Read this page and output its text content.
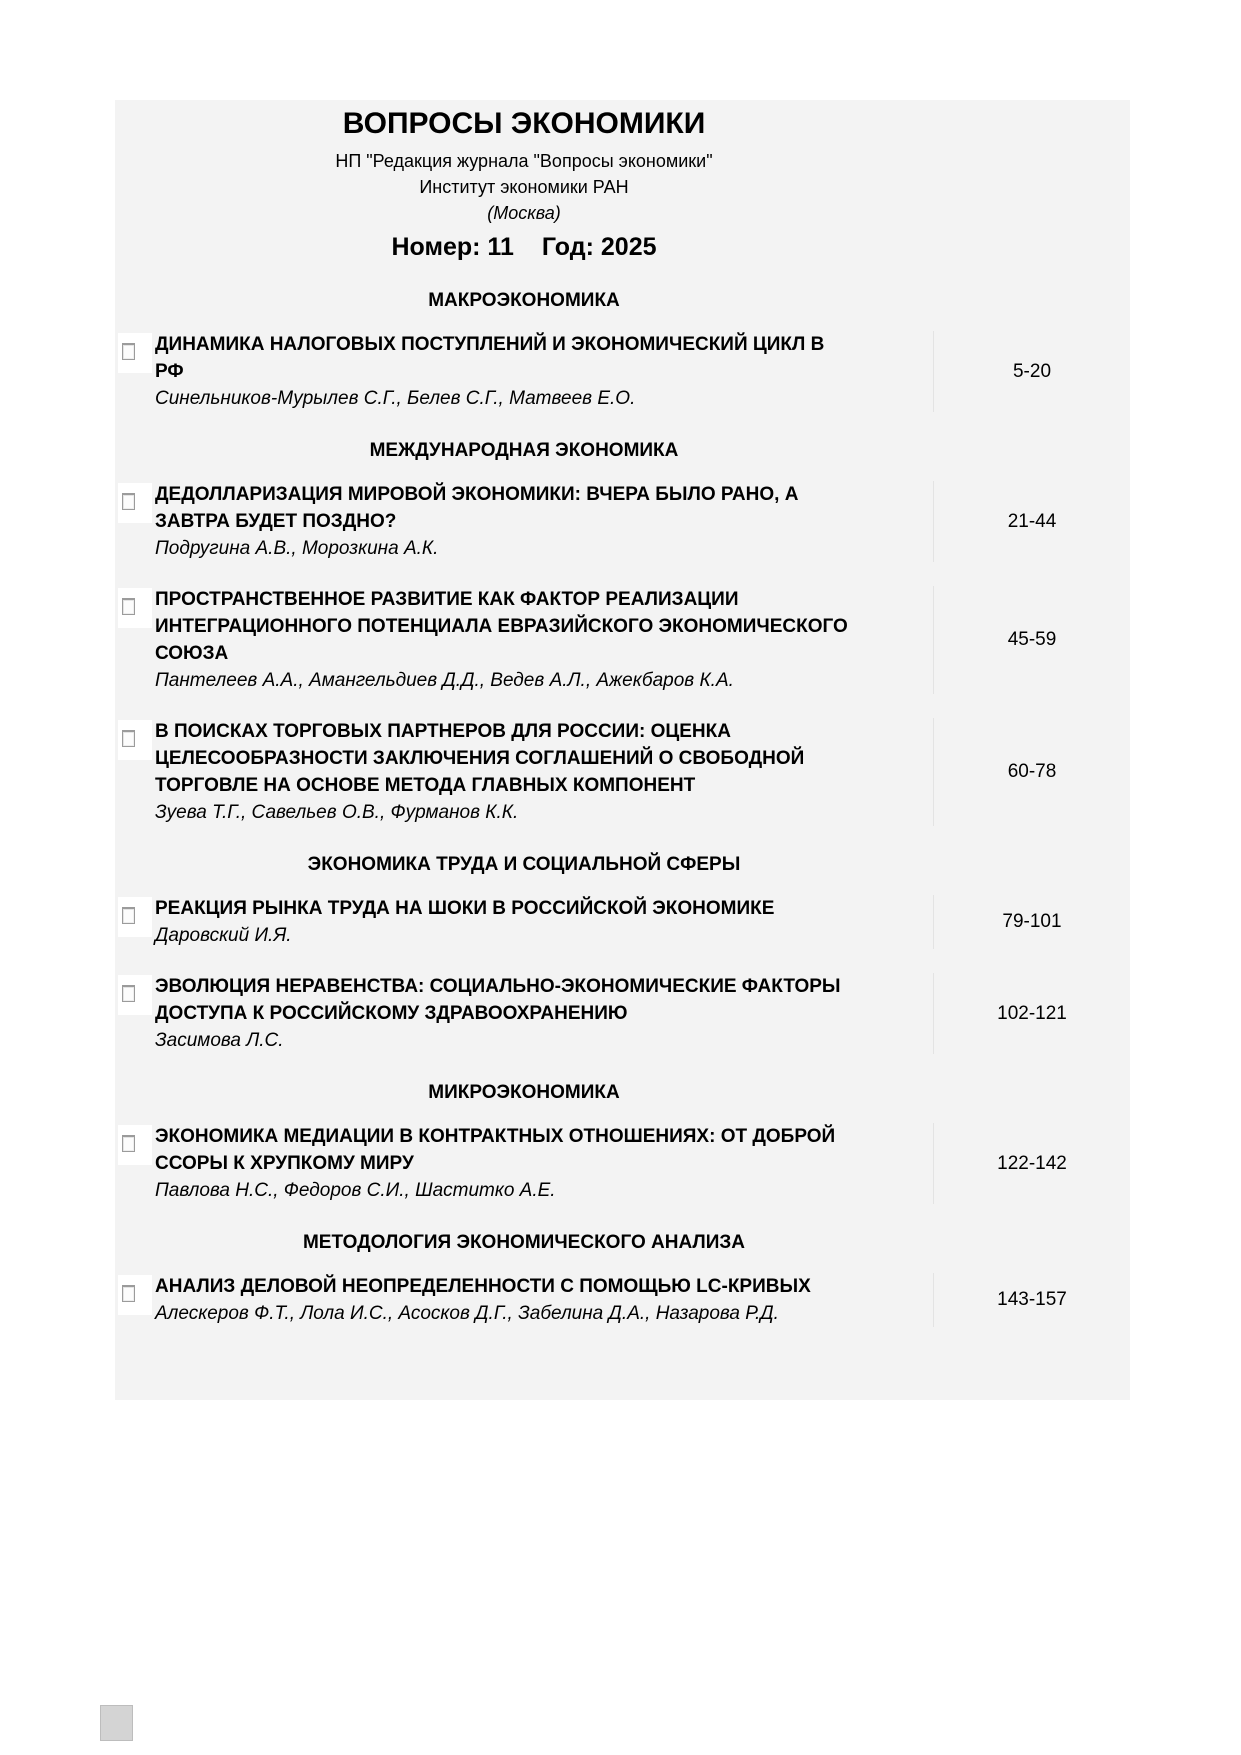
ВОПРОСЫ ЭКОНОМИКИ
НП "Редакция журнала "Вопросы экономики"
Институт экономики РАН
(Москва)
Номер: 11 Год: 2025
МАКРОЭКОНОМИКА
ДИНАМИКА НАЛОГОВЫХ ПОСТУПЛЕНИЙ И ЭКОНОМИЧЕСКИЙ ЦИКЛ В РФ
Синельников-Мурылев С.Г., Белев С.Г., Матвеев Е.О.
5-20
МЕЖДУНАРОДНАЯ ЭКОНОМИКА
ДЕДОЛЛАРИЗАЦИЯ МИРОВОЙ ЭКОНОМИКИ: ВЧЕРА БЫЛО РАНО, А ЗАВТРА БУДЕТ ПОЗДНО?
Подругина А.В., Морозкина А.К.
21-44
ПРОСТРАНСТВЕННОЕ РАЗВИТИЕ КАК ФАКТОР РЕАЛИЗАЦИИ ИНТЕГРАЦИОННОГО ПОТЕНЦИАЛА ЕВРАЗИЙСКОГО ЭКОНОМИЧЕСКОГО СОЮЗА
Пантелеев А.А., Амангельдиев Д.Д., Ведев А.Л., Ажекбаров К.А.
45-59
В ПОИСКАХ ТОРГОВЫХ ПАРТНЕРОВ ДЛЯ РОССИИ: ОЦЕНКА ЦЕЛЕСООБРАЗНОСТИ ЗАКЛЮЧЕНИЯ СОГЛАШЕНИЙ О СВОБОДНОЙ ТОРГОВЛЕ НА ОСНОВЕ МЕТОДА ГЛАВНЫХ КОМПОНЕНТ
Зуева Т.Г., Савельев О.В., Фурманов К.К.
60-78
ЭКОНОМИКА ТРУДА И СОЦИАЛЬНОЙ СФЕРЫ
РЕАКЦИЯ РЫНКА ТРУДА НА ШОКИ В РОССИЙСКОЙ ЭКОНОМИКЕ
Даровский И.Я.
79-101
ЭВОЛЮЦИЯ НЕРАВЕНСТВА: СОЦИАЛЬНО-ЭКОНОМИЧЕСКИЕ ФАКТОРЫ ДОСТУПА К РОССИЙСКОМУ ЗДРАВООХРАНЕНИЮ
Засимова Л.С.
102-121
МИКРОЭКОНОМИКА
ЭКОНОМИКА МЕДИАЦИИ В КОНТРАКТНЫХ ОТНОШЕНИЯХ: ОТ ДОБРОЙ ССОРЫ К ХРУПКОМУ МИРУ
Павлова Н.С., Федоров С.И., Шаститко А.Е.
122-142
МЕТОДОЛОГИЯ ЭКОНОМИЧЕСКОГО АНАЛИЗА
АНАЛИЗ ДЕЛОВОЙ НЕОПРЕДЕЛЕННОСТИ С ПОМОЩЬЮ LC-КРИВЫХ
Алескеров Ф.Т., Лола И.С., Асосков Д.Г., Забелина Д.А., Назарова Р.Д.
143-157
